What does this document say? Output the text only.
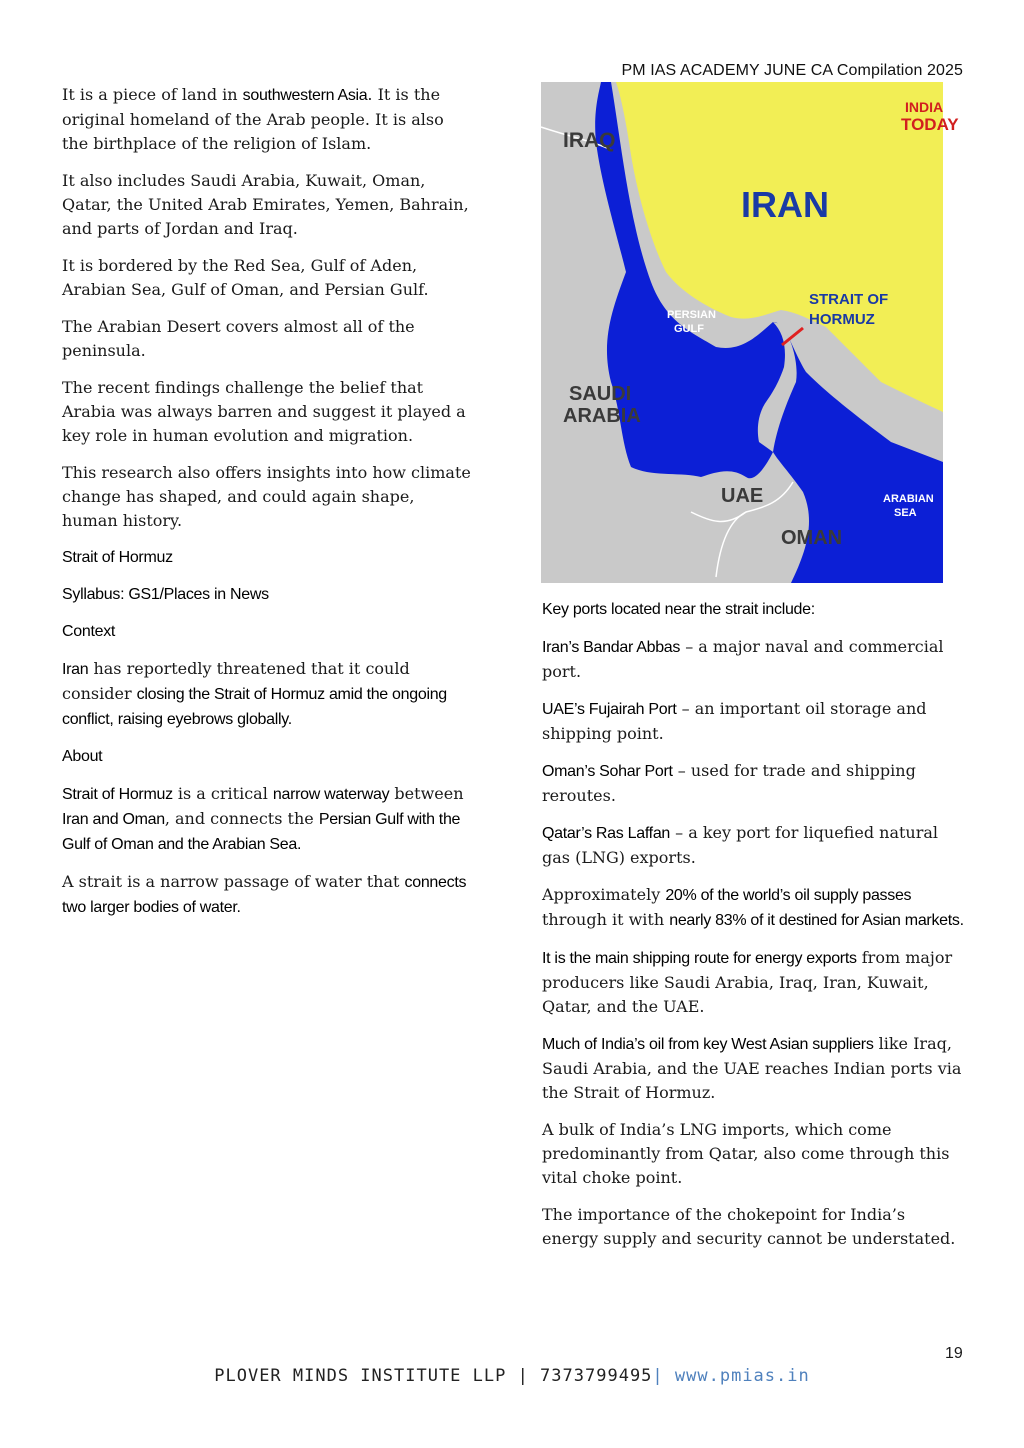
PM IAS ACADEMY JUNE CA Compilation 2025

It is a piece of land in southwestern Asia. It is the original homeland of the Arab people. It is also the birthplace of the religion of Islam.

It also includes Saudi Arabia, Kuwait, Oman, Qatar, the United Arab Emirates, Yemen, Bahrain, and parts of Jordan and Iraq.

It is bordered by the Red Sea, Gulf of Aden, Arabian Sea, Gulf of Oman, and Persian Gulf.

The Arabian Desert covers almost all of the peninsula.

The recent findings challenge the belief that Arabia was always barren and suggest it played a key role in human evolution and migration.

This research also offers insights into how climate change has shaped, and could again shape, human history.

Strait of Hormuz

Syllabus: GS1/Places in News

Context

Iran has reportedly threatened that it could consider closing the Strait of Hormuz amid the ongoing conflict, raising eyebrows globally.

About

Strait of Hormuz is a critical narrow waterway between Iran and Oman, and connects the Persian Gulf with the Gulf of Oman and the Arabian Sea.

A strait is a narrow passage of water that connects two larger bodies of water.

IRAQ
IRAN
INDIA
TODAY
STRAIT OF
HORMUZ
PERSIAN
GULF
SAUDI
ARABIA
UAE
OMAN
ARABIAN
SEA

Key ports located near the strait include:

Iran’s Bandar Abbas – a major naval and commercial port.

UAE’s Fujairah Port – an important oil storage and shipping point.

Oman’s Sohar Port – used for trade and shipping reroutes.

Qatar’s Ras Laffan – a key port for liquefied natural gas (LNG) exports.

Approximately 20% of the world’s oil supply passes through it with nearly 83% of it destined for Asian markets.

It is the main shipping route for energy exports from major producers like Saudi Arabia, Iraq, Iran, Kuwait, Qatar, and the UAE.

Much of India’s oil from key West Asian suppliers like Iraq, Saudi Arabia, and the UAE reaches Indian ports via the Strait of Hormuz.

A bulk of India’s LNG imports, which come predominantly from Qatar, also come through this vital choke point.

The importance of the chokepoint for India’s energy supply and security cannot be understated.

19
PLOVER MINDS INSTITUTE LLP | 7373799495| www.pmias.in
